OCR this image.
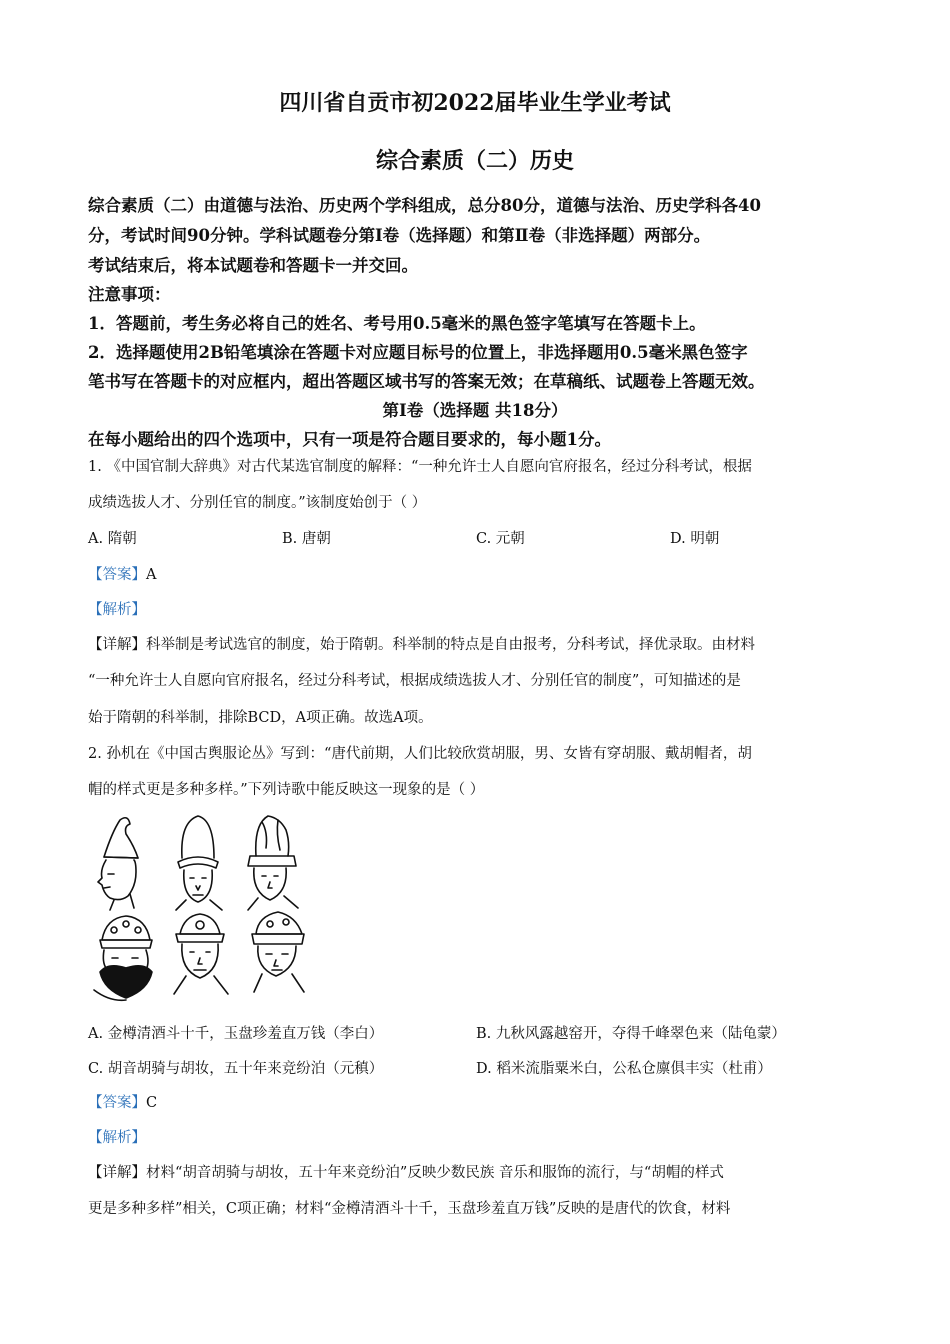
四川省自贡市初2022届毕业生学业考试
综合素质（二）历史
综合素质（二）由道德与法治、历史两个学科组成，总分80分，道德与法治、历史学科各40
分，考试时间90分钟。学科试题卷分第Ⅰ卷（选择题）和第Ⅱ卷（非选择题）两部分。
考试结束后，将本试题卷和答题卡一并交回。
注意事项：
1．答题前，考生务必将自己的姓名、考号用0.5毫米的黑色签字笔填写在答题卡上。
2．选择题使用2B铅笔填涂在答题卡对应题目标号的位置上，非选择题用0.5毫米黑色签字
笔书写在答题卡的对应框内，超出答题区域书写的答案无效；在草稿纸、试题卷上答题无效。
第Ⅰ卷（选择题 共18分）
在每小题给出的四个选项中，只有一项是符合题目要求的，每小题1分。
1. 《中国官制大辞典》对古代某选官制度的解释：“一种允许士人自愿向官府报名，经过分科考试，根据
成绩选拔人才、分别任官的制度。”该制度始创于（ ）
A. 隋朝	B. 唐朝	C. 元朝	D. 明朝
【答案】A
【解析】
【详解】科举制是考试选官的制度，始于隋朝。科举制的特点是自由报考，分科考试，择优录取。由材料
“一种允许士人自愿向官府报名，经过分科考试，根据成绩选拔人才、分别任官的制度”，可知描述的是
始于隋朝的科举制，排除BCD，A项正确。故选A项。
2. 孙机在《中国古舆服论丛》写到：“唐代前期，人们比较欣赏胡服，男、女皆有穿胡服、戴胡帽者，胡
帽的样式更是多种多样。”下列诗歌中能反映这一现象的是（ ）
A. 金樽清酒斗十千，玉盘珍羞直万钱（李白）	B. 九秋风露越窑开，夺得千峰翠色来（陆龟蒙）
C. 胡音胡骑与胡妆，五十年来竞纷泊（元稹）	D. 稻米流脂粟米白，公私仓廪俱丰实（杜甫）
【答案】C
【解析】
【详解】材料“胡音胡骑与胡妆，五十年来竞纷泊”反映少数民族 音乐和服饰的流行，与“胡帽的样式
更是多种多样”相关，C项正确；材料“金樽清酒斗十千，玉盘珍羞直万钱”反映的是唐代的饮食，材料
